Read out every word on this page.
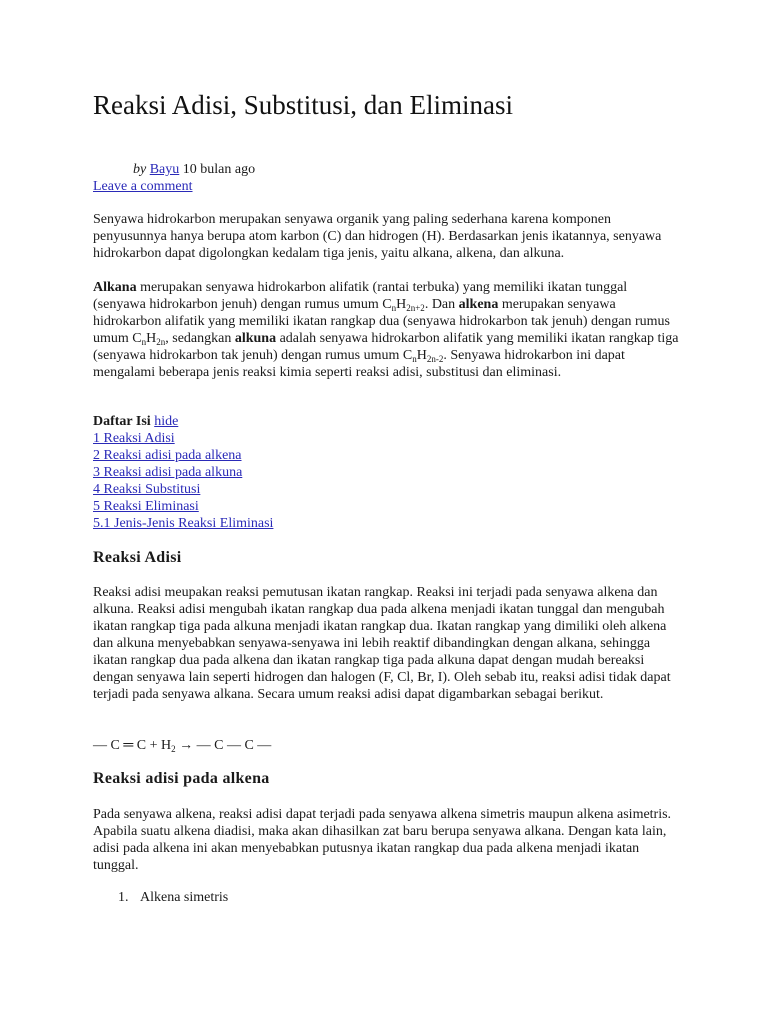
Reaksi Adisi, Substitusi, dan Eliminasi
by Bayu 10 bulan ago
Leave a comment

Senyawa hidrokarbon merupakan senyawa organik yang paling sederhana karena komponen penyusunnya hanya berupa atom karbon (C) dan hidrogen (H). Berdasarkan jenis ikatannya, senyawa hidrokarbon dapat digolongkan kedalam tiga jenis, yaitu alkana, alkena, dan alkuna.

Alkana merupakan senyawa hidrokarbon alifatik (rantai terbuka) yang memiliki ikatan tunggal (senyawa hidrokarbon jenuh) dengan rumus umum $C_nH_{2n+2}$. Dan alkena merupakan senyawa hidrokarbon alifatik yang memiliki ikatan rangkap dua (senyawa hidrokarbon tak jenuh) dengan rumus umum $C_nH_{2n}$, sedangkan alkuna adalah senyawa hidrokarbon alifatik yang memiliki ikatan rangkap tiga (senyawa hidrokarbon tak jenuh) dengan rumus umum $C_nH_{2n-2}$. Senyawa hidrokarbon ini dapat mengalami beberapa jenis reaksi kimia seperti reaksi adisi, substitusi dan eliminasi.

Daftar Isi hide
1 Reaksi Adisi
2 Reaksi adisi pada alkena
3 Reaksi adisi pada alkuna
4 Reaksi Substitusi
5 Reaksi Eliminasi
5.1 Jenis-Jenis Reaksi Eliminasi
Reaksi Adisi

Reaksi adisi meupakan reaksi pemutusan ikatan rangkap. Reaksi ini terjadi pada senyawa alkena dan alkuna. Reaksi adisi mengubah ikatan rangkap dua pada alkena menjadi ikatan tunggal dan mengubah ikatan rangkap tiga pada alkuna menjadi ikatan rangkap dua. Ikatan rangkap yang dimiliki oleh alkena dan alkuna menyebabkan senyawa-senyawa ini lebih reaktif dibandingkan dengan alkana, sehingga ikatan rangkap dua pada alkena dan ikatan rangkap tiga pada alkuna dapat dengan mudah bereaksi dengan senyawa lain seperti hidrogen dan halogen (F, Cl, Br, I). Oleh sebab itu, reaksi adisi tidak dapat terjadi pada senyawa alkana. Secara umum reaksi adisi dapat digambarkan sebagai berikut.

— C ═ $C + H_2$ → — C — C —

Reaksi adisi pada alkena

Pada senyawa alkena, reaksi adisi dapat terjadi pada senyawa alkena simetris maupun alkena asimetris. Apabila suatu alkena diadisi, maka akan dihasilkan zat baru berupa senyawa alkana. Dengan kata lain, adisi pada alkena ini akan menyebabkan putusnya ikatan rangkap dua pada alkena menjadi ikatan tunggal.

1. Alkena simetris
